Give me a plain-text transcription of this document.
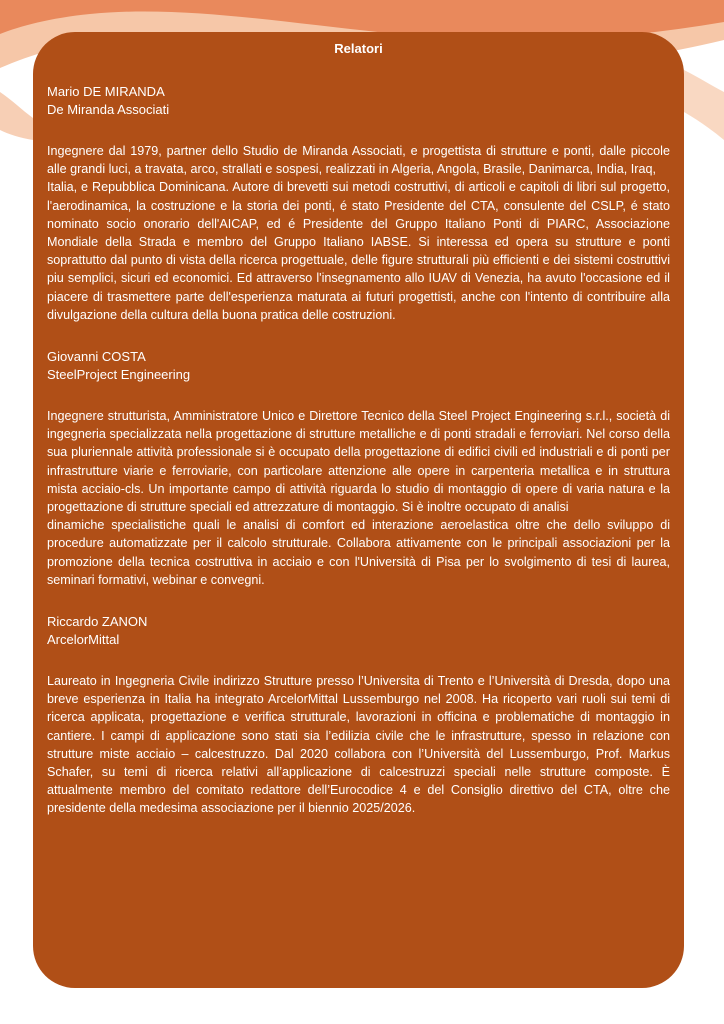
Relatori

Mario DE MIRANDA

De Miranda Associati

Ingegnere dal 1979, partner dello Studio de Miranda Associati, e progettista di strutture e ponti, dalle piccole alle grandi luci, a travata, arco, strallati e sospesi, realizzati in Algeria, Angola, Brasile, Danimarca, India, Iraq,
Italia, e Repubblica Dominicana. Autore di brevetti sui metodi costruttivi, di articoli e capitoli di libri sul progetto, l'aerodinamica, la costruzione e la storia dei ponti, é stato Presidente del CTA, consulente del CSLP, é stato nominato socio onorario dell'AICAP, ed é Presidente del Gruppo Italiano Ponti di PIARC, Associazione Mondiale della Strada e membro del Gruppo Italiano IABSE. Si interessa ed opera su strutture e ponti soprattutto dal punto di vista della ricerca progettuale, delle figure strutturali più efficienti e dei sistemi costruttivi piu semplici, sicuri ed economici. Ed attraverso l'insegnamento allo IUAV di Venezia, ha avuto l'occasione ed il piacere di trasmettere parte dell'esperienza maturata ai futuri progettisti, anche con l'intento di contribuire alla divulgazione della cultura della buona pratica delle costruzioni.

Giovanni COSTA

SteelProject Engineering

Ingegnere strutturista, Amministratore Unico e Direttore Tecnico della Steel Project Engineering s.r.l., società di ingegneria specializzata nella progettazione di strutture metalliche e di ponti stradali e ferroviari. Nel corso della sua pluriennale attività professionale si è occupato della progettazione di edifici civili ed industriali e di ponti per infrastrutture viarie e ferroviarie, con particolare attenzione alle opere in carpenteria metallica e in struttura mista acciaio-cls. Un importante campo di attività riguarda lo studio di montaggio di opere di varia natura e la progettazione di strutture speciali ed attrezzature di montaggio. Si è inoltre occupato di analisi
dinamiche specialistiche quali le analisi di comfort ed interazione aeroelastica oltre che dello sviluppo di procedure automatizzate per il calcolo strutturale. Collabora attivamente con le principali associazioni per la promozione della tecnica costruttiva in acciaio e con l'Università di Pisa per lo svolgimento di tesi di laurea, seminari formativi, webinar e convegni.

Riccardo ZANON

ArcelorMittal

Laureato in Ingegneria Civile indirizzo Strutture presso l’Universita di Trento e l’Università di Dresda, dopo una breve esperienza in Italia ha integrato ArcelorMittal Lussemburgo nel 2008. Ha ricoperto vari ruoli sui temi di ricerca applicata, progettazione e verifica strutturale, lavorazioni in officina e problematiche di montaggio in cantiere. I campi di applicazione sono stati sia l’edilizia civile che le infrastrutture, spesso in relazione con strutture miste acciaio – calcestruzzo. Dal 2020 collabora con l’Università del Lussemburgo, Prof. Markus Schafer, su temi di ricerca relativi all’applicazione di calcestruzzi speciali nelle strutture composte. È attualmente membro del comitato redattore dell’Eurocodice 4 e del Consiglio direttivo del CTA, oltre che presidente della medesima associazione per il biennio 2025/2026.
